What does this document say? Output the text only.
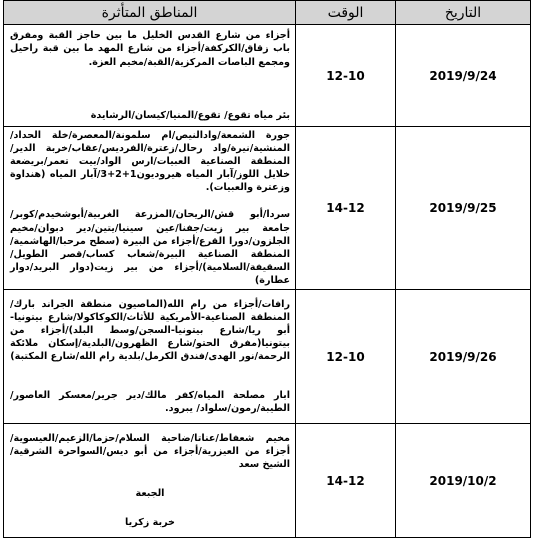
التاريخ	الوقت	المناطق المتأثرة
2019/9/24	12-10	أجزاء من شارع القدس الخليل ما بين حاجز القبة ومفرق باب زقاق/الكركفة/أجزاء من شارع المهد ما بين قبة راحيل ومجمع الباصات المركزية/القبة/مخيم العزة.

بئر مياه تقوع/ تقوع/المنيا/كيسان/الرشايدة

2019/9/25	14-12	جورة الشمعة/وادالنيص/ام سلمونة/المعصرة/خلة الحداد/المنشية/نيرة/واد رحال/زعترة/الفرديس/عقاب/خربة الدير/المنطقة الصناعية العبيات/ارس الواد/بيت تعمر/بريضعة خلايل اللوز/آبار المياه هيروديون1+2+3/آبار المياه (هنداوة وزعترة والعبيات).

سردا/أبو قش/الريحان/المزرعة الغربية/أبوشخيدم/كوبر/جامعة بير زيت/جفنا/عين سينيا/يتين/دير دبوان/مخيم الجلزون/دورا القرع/أجزاء من البيرة (سطح مرحبا/الهاشمية/المنطقة الصناعية البيرة/شعاب كساب/قصر الطويل/السقيفة/السلامية)/أجزاء من بير زيت(دوار البريد/دوار عطارة)

2019/9/26	12-10	رافات/أجزاء من رام الله(الماصيون منطقة الجراند بارك/المنطقة الصناعية-الأمريكية للأثاث/الكوكاكولا/شارع بيتونيا-أبو ريا/شارع بيتونيا-السجن/وسط البلد)/أجزاء من بيتونيا(مفرق الحتو/شارع الظهرون/البلدية/إسكان ملائكة الرحمة/نور الهدى/فندق الكرمل/بلدية رام الله/شارع المكتبة)

ابار مصلحة المياه/كفر مالك/دير جرير/معسكر العاصور/الطيبة/رمون/سلواد/ يبرود.

2019/10/2	14-12	مخيم شعفاط/عناتا/ضاحية السلام/حزما/الزعيم/العيسوية/أجزاء من العيزرية/أجزاء من أبو ديس/السواحرة الشرقية/الشيخ سعد

الجبعة

خربة زكريا
